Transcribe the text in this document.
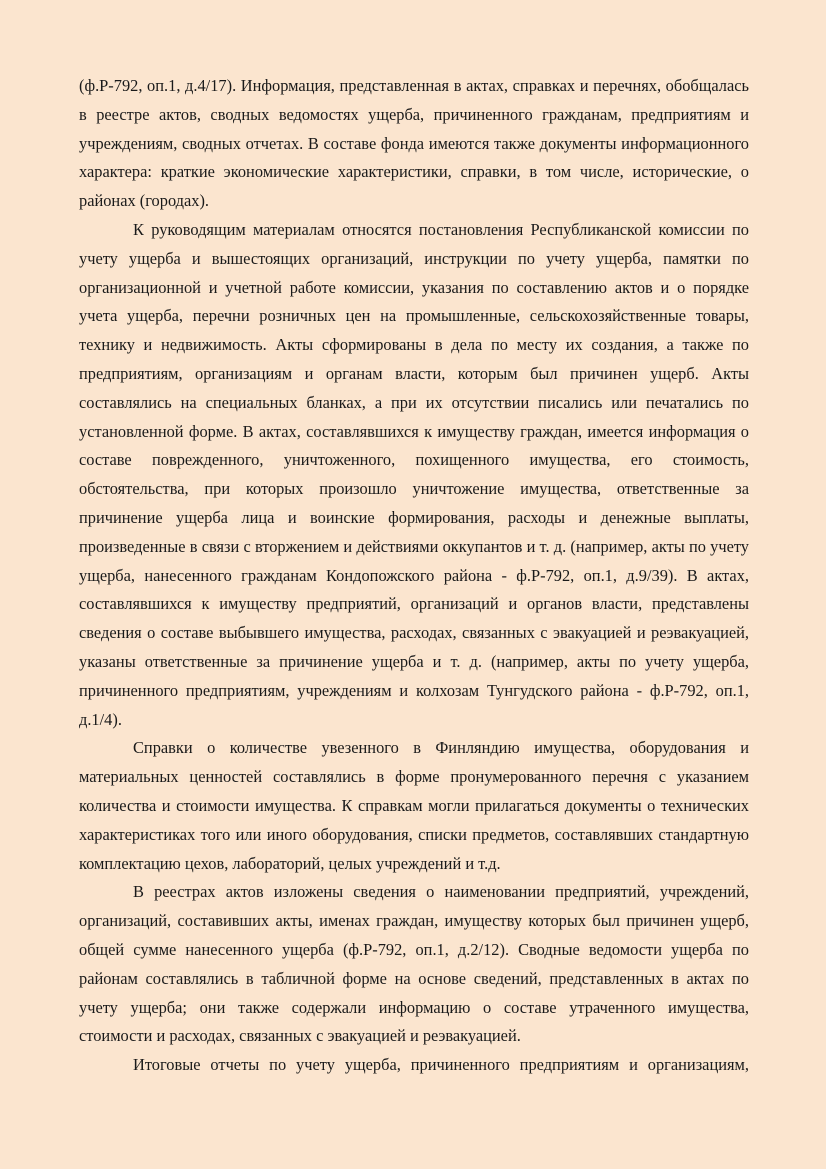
(ф.Р-792, оп.1, д.4/17). Информация, представленная в актах, справках и перечнях, обобщалась в реестре актов, сводных ведомостях ущерба, причиненного гражданам, предприятиям и учреждениям, сводных отчетах. В составе фонда имеются также документы информационного характера: краткие экономические характеристики, справки, в том числе, исторические, о районах (городах).

К руководящим материалам относятся постановления Республиканской комиссии по учету ущерба и вышестоящих организаций, инструкции по учету ущерба, памятки по организационной и учетной работе комиссии, указания по составлению актов и о порядке учета ущерба, перечни розничных цен на промышленные, сельскохозяйственные товары, технику и недвижимость. Акты сформированы в дела по месту их создания, а также по предприятиям, организациям и органам власти, которым был причинен ущерб. Акты составлялись на специальных бланках, а при их отсутствии писались или печатались по установленной форме. В актах, составлявшихся к имуществу граждан, имеется информация о составе поврежденного, уничтоженного, похищенного имущества, его стоимость, обстоятельства, при которых произошло уничтожение имущества, ответственные за причинение ущерба лица и воинские формирования, расходы и денежные выплаты, произведенные в связи с вторжением и действиями оккупантов и т. д. (например, акты по учету ущерба, нанесенного гражданам Кондопожского района - ф.Р-792, оп.1, д.9/39). В актах, составлявшихся к имуществу предприятий, организаций и органов власти, представлены сведения о составе выбывшего имущества, расходах, связанных с эвакуацией и реэвакуацией, указаны ответственные за причинение ущерба и т. д. (например, акты по учету ущерба, причиненного предприятиям, учреждениям и колхозам Тунгудского района - ф.Р-792, оп.1, д.1/4).

Справки о количестве увезенного в Финляндию имущества, оборудования и материальных ценностей составлялись в форме пронумерованного перечня с указанием количества и стоимости имущества. К справкам могли прилагаться документы о технических характеристиках того или иного оборудования, списки предметов, составлявших стандартную комплектацию цехов, лабораторий, целых учреждений и т.д.

В реестрах актов изложены сведения о наименовании предприятий, учреждений, организаций, составивших акты, именах граждан, имуществу которых был причинен ущерб, общей сумме нанесенного ущерба (ф.Р-792, оп.1, д.2/12). Сводные ведомости ущерба по районам составлялись в табличной форме на основе сведений, представленных в актах по учету ущерба; они также содержали информацию о составе утраченного имущества, стоимости и расходах, связанных с эвакуацией и реэвакуацией.

Итоговые отчеты по учету ущерба, причиненного предприятиям и организациям,
